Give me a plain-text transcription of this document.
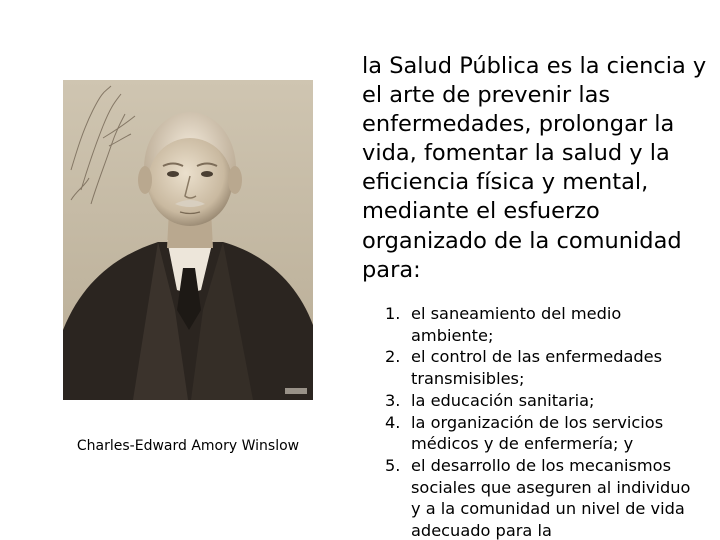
Charles-Edward Amory Winslow

la Salud Pública es la ciencia y el arte de prevenir las enfermedades, prolongar la vida, fomentar la salud y la eficiencia física y mental, mediante el esfuerzo organizado de la comunidad para:

1. el saneamiento del medio ambiente;
2. el control de las enfermedades transmisibles;
3. la educación sanitaria;
4. la organización de los servicios médicos y de enfermería; y
5. el desarrollo de los mecanismos sociales que aseguren al individuo y a la comunidad un nivel de vida adecuado para la
